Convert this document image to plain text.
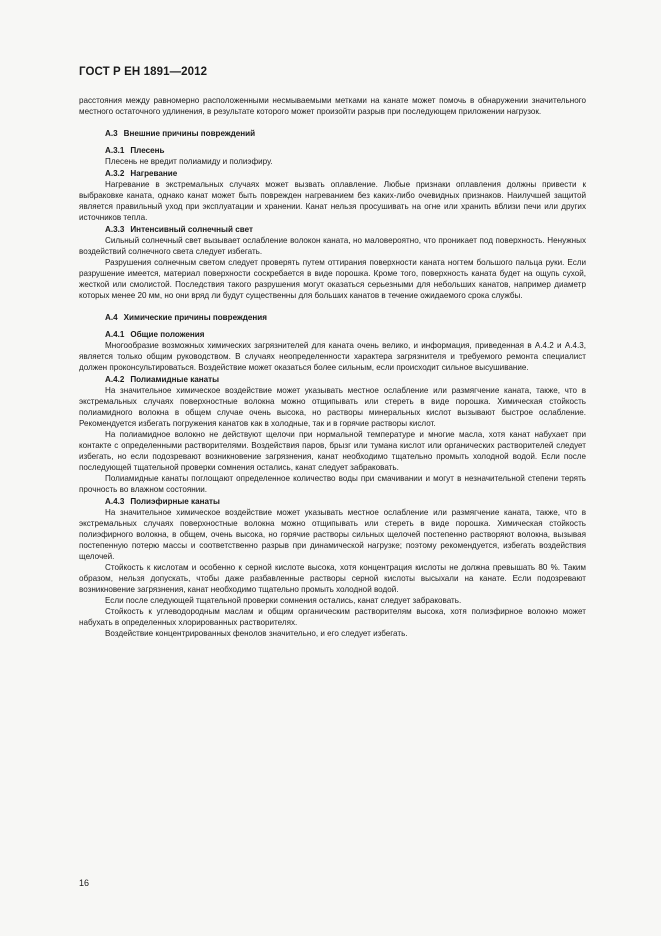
ГОСТ Р ЕН 1891—2012

расстояния между равномерно расположенными несмываемыми метками на канате может помочь в обнаружении значительного местного остаточного удлинения, в результате которого может произойти разрыв при последующем приложении нагрузок.

А.3 Внешние причины повреждений

А.3.1 Плесень

Плесень не вредит полиамиду и полиэфиру.

А.3.2 Нагревание

Нагревание в экстремальных случаях может вызвать оплавление. Любые признаки оплавления должны привести к выбраковке каната, однако канат может быть поврежден нагреванием без каких-либо очевидных признаков. Наилучшей защитой является правильный уход при эксплуатации и хранении. Канат нельзя просушивать на огне или хранить вблизи печи или других источников тепла.

А.3.3 Интенсивный солнечный свет

Сильный солнечный свет вызывает ослабление волокон каната, но маловероятно, что проникает под поверхность. Ненужных воздействий солнечного света следует избегать.

Разрушения солнечным светом следует проверять путем оттирания поверхности каната ногтем большого пальца руки. Если разрушение имеется, материал поверхности соскребается в виде порошка. Кроме того, поверхность каната будет на ощупь сухой, жесткой или смолистой. Последствия такого разрушения могут оказаться серьезными для небольших канатов, например диаметр которых менее 20 мм, но они вряд ли будут существенны для больших канатов в течение ожидаемого срока службы.

А.4 Химические причины повреждения

А.4.1 Общие положения

Многообразие возможных химических загрязнителей для каната очень велико, и информация, приведенная в А.4.2 и А.4.3, является только общим руководством. В случаях неопределенности характера загрязнителя и требуемого ремонта специалист должен проконсультироваться. Воздействие может оказаться более сильным, если происходит сильное высушивание.

А.4.2 Полиамидные канаты

На значительное химическое воздействие может указывать местное ослабление или размягчение каната, также, что в экстремальных случаях поверхностные волокна можно отщипывать или стереть в виде порошка. Химическая стойкость полиамидного волокна в общем случае очень высока, но растворы минеральных кислот вызывают быстрое ослабление. Рекомендуется избегать погружения канатов как в холодные, так и в горячие растворы кислот.

На полиамидное волокно не действуют щелочи при нормальной температуре и многие масла, хотя канат набухает при контакте с определенными растворителями. Воздействия паров, брызг или тумана кислот или органических растворителей следует избегать, но если подозревают возникновение загрязнения, канат необходимо тщательно промыть холодной водой. Если после последующей тщательной проверки сомнения остались, канат следует забраковать.

Полиамидные канаты поглощают определенное количество воды при смачивании и могут в незначительной степени терять прочность во влажном состоянии.

А.4.3 Полиэфирные канаты

На значительное химическое воздействие может указывать местное ослабление или размягчение каната, также, что в экстремальных случаях поверхностные волокна можно отщипывать или стереть в виде порошка. Химическая стойкость полиэфирного волокна, в общем, очень высока, но горячие растворы сильных щелочей постепенно растворяют волокна, вызывая постепенную потерю массы и соответственно разрыв при динамической нагрузке; поэтому рекомендуется, избегать воздействия щелочей.

Стойкость к кислотам и особенно к серной кислоте высока, хотя концентрация кислоты не должна превышать 80 %. Таким образом, нельзя допускать, чтобы даже разбавленные растворы серной кислоты высыхали на канате. Если подозревают возникновение загрязнения, канат необходимо тщательно промыть холодной водой.

Если после следующей тщательной проверки сомнения остались, канат следует забраковать.

Стойкость к углеводородным маслам и общим органическим растворителям высока, хотя полиэфирное волокно может набухать в определенных хлорированных растворителях.

Воздействие концентрированных фенолов значительно, и его следует избегать.

16
